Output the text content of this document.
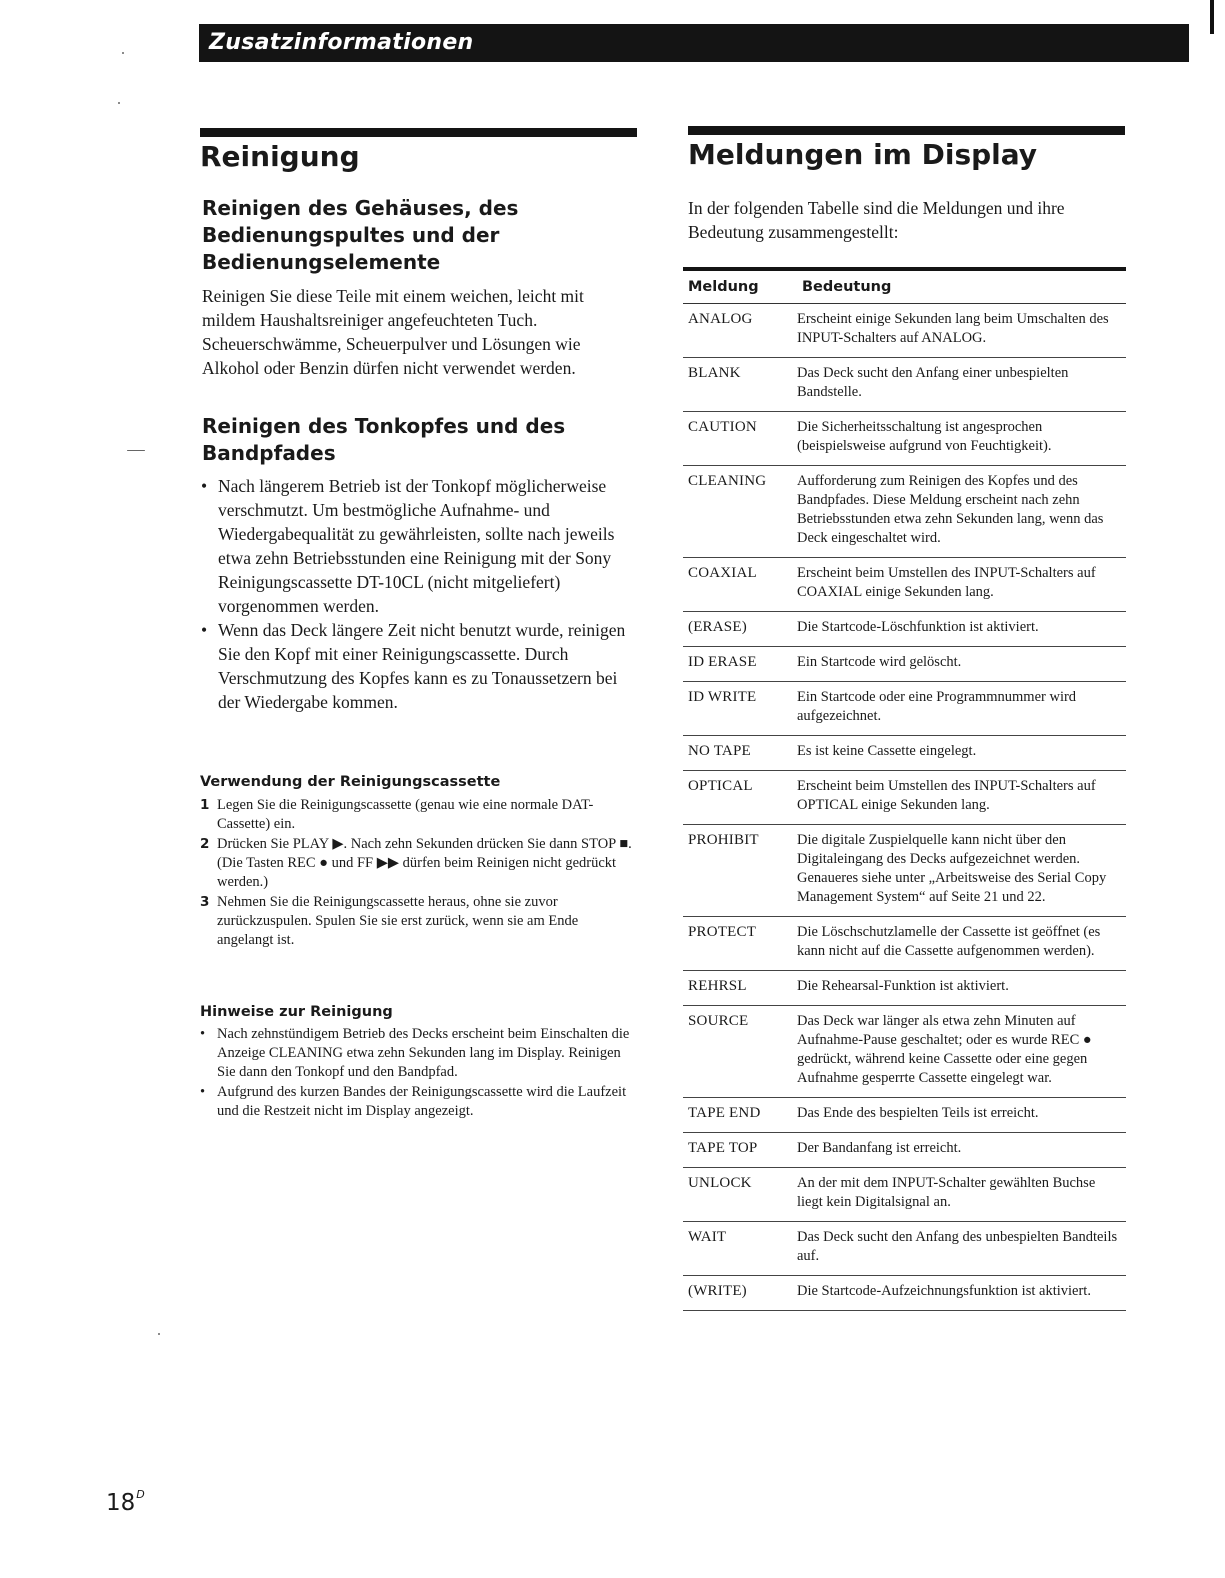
Zusatzinformationen
Reinigung
Reinigen des Gehäuses, des Bedienungspultes und der Bedienungselemente

Reinigen Sie diese Teile mit einem weichen, leicht mit mildem Haushaltsreiniger angefeuchteten Tuch. Scheuerschwämme, Scheuerpulver und Lösungen wie Alkohol oder Benzin dürfen nicht verwendet werden.

Reinigen des Tonkopfes und des Bandpfades
• Nach längerem Betrieb ist der Tonkopf möglicherweise verschmutzt. Um bestmögliche Aufnahme- und Wiedergabequalität zu gewährleisten, sollte nach jeweils etwa zehn Betriebsstunden eine Reinigung mit der Sony Reinigungscassette DT-10CL (nicht mitgeliefert) vorgenommen werden.
• Wenn das Deck längere Zeit nicht benutzt wurde, reinigen Sie den Kopf mit einer Reinigungscassette. Durch Verschmutzung des Kopfes kann es zu Tonaussetzern bei der Wiedergabe kommen.
Verwendung der Reinigungscassette
1 Legen Sie die Reinigungscassette (genau wie eine normale DAT-Cassette) ein.
2 Drücken Sie PLAY ▶. Nach zehn Sekunden drücken Sie dann STOP ■. (Die Tasten REC ● und FF ▶▶ dürfen beim Reinigen nicht gedrückt werden.)
3 Nehmen Sie die Reinigungscassette heraus, ohne sie zuvor zurückzuspulen. Spulen Sie sie erst zurück, wenn sie am Ende angelangt ist.
Hinweise zur Reinigung
• Nach zehnstündigem Betrieb des Decks erscheint beim Einschalten die Anzeige CLEANING etwa zehn Sekunden lang im Display. Reinigen Sie dann den Tonkopf und den Bandpfad.
• Aufgrund des kurzen Bandes der Reinigungscassette wird die Laufzeit und die Restzeit nicht im Display angezeigt.
Meldungen im Display

In der folgenden Tabelle sind die Meldungen und ihre Bedeutung zusammengestellt:

Meldung	Bedeutung
ANALOG	Erscheint einige Sekunden lang beim Umschalten des INPUT-Schalters auf ANALOG.
BLANK	Das Deck sucht den Anfang einer unbespielten Bandstelle.
CAUTION	Die Sicherheitsschaltung ist angesprochen (beispielsweise aufgrund von Feuchtigkeit).
CLEANING	Aufforderung zum Reinigen des Kopfes und des Bandpfades. Diese Meldung erscheint nach zehn Betriebsstunden etwa zehn Sekunden lang, wenn das Deck eingeschaltet wird.
COAXIAL	Erscheint beim Umstellen des INPUT-Schalters auf COAXIAL einige Sekunden lang.
(ERASE)	Die Startcode-Löschfunktion ist aktiviert.
ID ERASE	Ein Startcode wird gelöscht.
ID WRITE	Ein Startcode oder eine Programmnummer wird aufgezeichnet.
NO TAPE	Es ist keine Cassette eingelegt.
OPTICAL	Erscheint beim Umstellen des INPUT-Schalters auf OPTICAL einige Sekunden lang.
PROHIBIT	Die digitale Zuspielquelle kann nicht über den Digitaleingang des Decks aufgezeichnet werden. Genaueres siehe unter „Arbeitsweise des Serial Copy Management System“ auf Seite 21 und 22.
PROTECT	Die Löschschutzlamelle der Cassette ist geöffnet (es kann nicht auf die Cassette aufgenommen werden).
REHRSL	Die Rehearsal-Funktion ist aktiviert.
SOURCE	Das Deck war länger als etwa zehn Minuten auf Aufnahme-Pause geschaltet; oder es wurde REC ● gedrückt, während keine Cassette oder eine gegen Aufnahme gesperrte Cassette eingelegt war.
TAPE END	Das Ende des bespielten Teils ist erreicht.
TAPE TOP	Der Bandanfang ist erreicht.
UNLOCK	An der mit dem INPUT-Schalter gewählten Buchse liegt kein Digitalsignal an.
WAIT	Das Deck sucht den Anfang des unbespielten Bandteils auf.
(WRITE)	Die Startcode-Aufzeichnungsfunktion ist aktiviert.
$18^D$
